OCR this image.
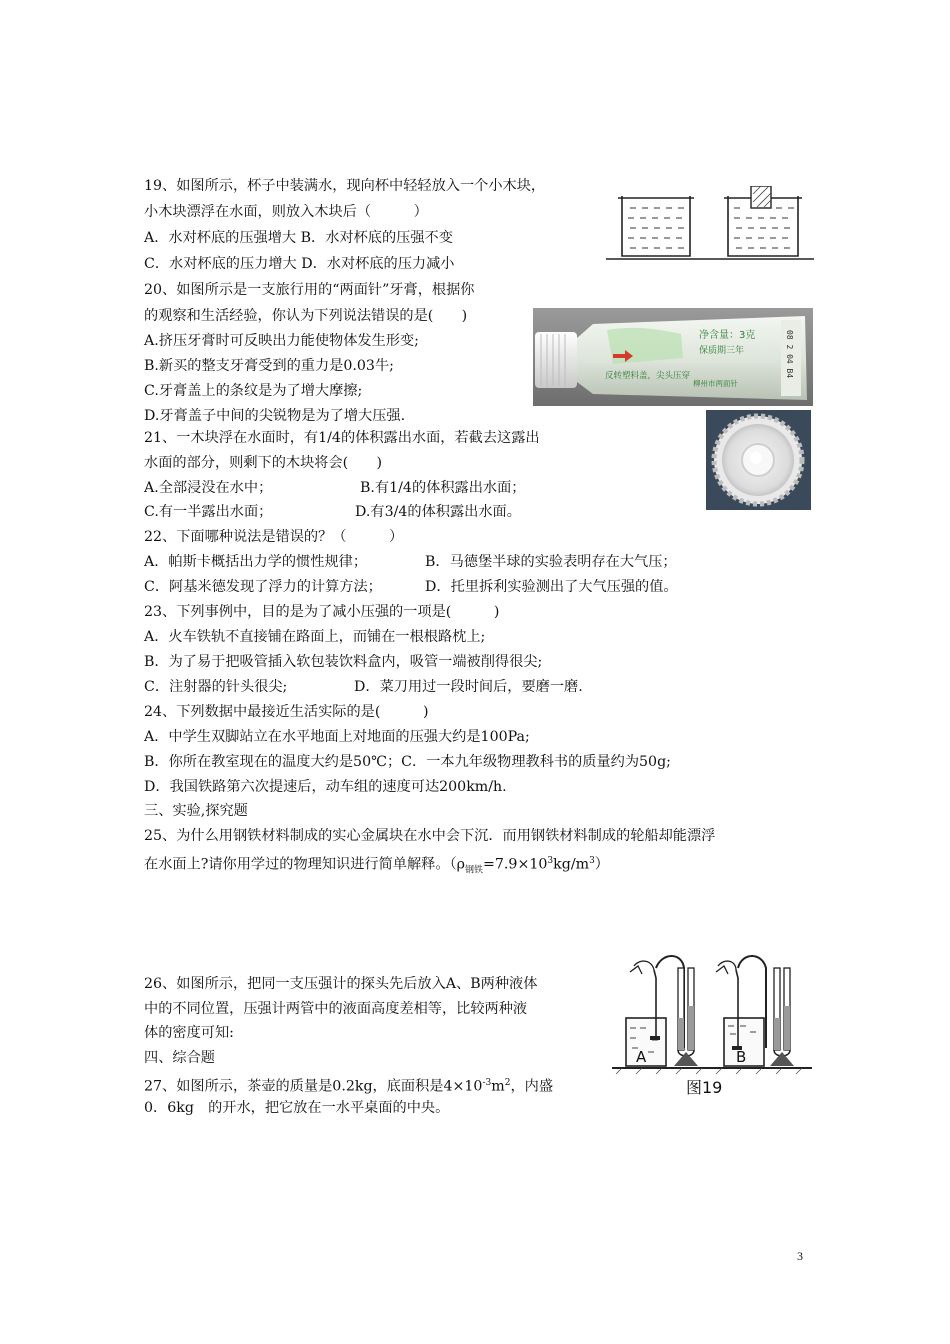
19、如图所示，杯子中装满水，现向杯中轻轻放入一个小木块，
小木块漂浮在水面，则放入木块后（　　　）
A．水对杯底的压强增大 B．水对杯底的压强不变
C．水对杯底的压力增大 D．水对杯底的压力减小
20、如图所示是一支旅行用的“两面针”牙膏，根据你
的观察和生活经验，你认为下列说法错误的是(　　)
A.挤压牙膏时可反映出力能使物体发生形变;
B.新买的整支牙膏受到的重力是0.03牛;
C.牙膏盖上的条纹是为了增大摩擦;
D.牙膏盖子中间的尖锐物是为了增大压强.
净含量：3克
保质期三年
反转塑料盖，尖头压穿
柳州市两面针
08 2 04 B4
21、一木块浮在水面时，有1/4的体积露出水面，若截去这露出
水面的部分，则剩下的木块将会(　　)
A.全部浸没在水中；	B.有1/4的体积露出水面；
C.有一半露出水面；	D.有3/4的体积露出水面。
22、下面哪种说法是错误的？（　　　）
A．帕斯卡概括出力学的惯性规律；	B．马德堡半球的实验表明存在大气压；
C．阿基米德发现了浮力的计算方法；	D．托里拆利实验测出了大气压强的值。
23、下列事例中，目的是为了减小压强的一项是(　　　)
A．火车铁轨不直接铺在路面上，而铺在一根根路枕上;
B．为了易于把吸管插入软包装饮料盒内，吸管一端被削得很尖;
C．注射器的针头很尖;	D．菜刀用过一段时间后，要磨一磨.
24、下列数据中最接近生活实际的是(　　　)
A．中学生双脚站立在水平地面上对地面的压强大约是100Pa;
B．你所在教室现在的温度大约是50℃；C．一本九年级物理教科书的质量约为50g;
D．我国铁路第六次提速后，动车组的速度可达200km/h.
三、实验,探究题
25、为什么用钢铁材料制成的实心金属块在水中会下沉．而用钢铁材料制成的轮船却能漂浮
在水面上?请你用学过的物理知识进行简单解释。$(\rho_{钢铁}=7.9\times 10^3kg/m^3)$
26、如图所示，把同一支压强计的探头先后放入A、B两种液体
中的不同位置，压强计两管中的液面高度差相等，比较两种液
体的密度可知:
A	B
图19
四、综合题
27、如图所示，茶壶的质量是0.2kg，底面积是$4\times 10^{-3}m^2$，内盛
0．6kg　的开水，把它放在一水平桌面的中央。
3
